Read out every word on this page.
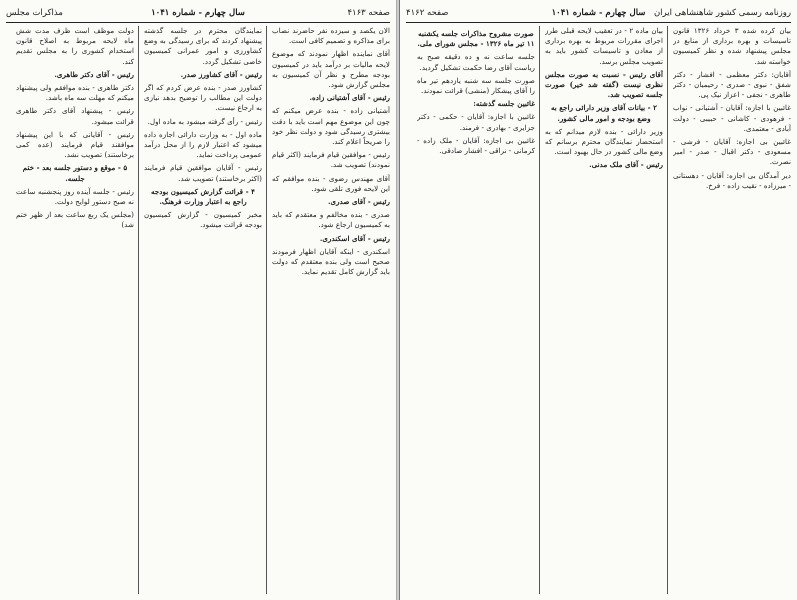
صفحه ۴۱۶۳
سال چهارم - شماره ۱۰۴۱
مذاکرات مجلس

الان یکصد و سیزده نفر حاضرند نصاب برای مذاکره و تصمیم کافی است.

آقای نماینده اظهار نمودند که موضوع لایحه مالیات بر درآمد باید در کمیسیون بودجه مطرح و نظر آن کمیسیون به مجلس گزارش شود.

رئیس - آقای آشتیانی زاده.

آشتیانی زاده - بنده عرض میکنم که چون این موضوع مهم است باید با دقت بیشتری رسیدگی شود و دولت نظر خود را صریحاً اعلام کند.

رئیس - موافقین قیام فرمایند (اکثر قیام نمودند) تصویب شد.

آقای مهندس رضوی - بنده موافقم که این لایحه فوری تلقی شود.

رئیس - آقای صدری.

صدری - بنده مخالفم و معتقدم که باید به کمیسیون ارجاع شود.

رئیس - آقای اسکندری.

اسکندری - اینکه آقایان اظهار فرمودند صحیح است ولی بنده معتقدم که دولت باید گزارش کامل تقدیم نماید.

نمایندگان محترم در جلسه گذشته پیشنهاد کردند که برای رسیدگی به وضع کشاورزی و امور عمرانی کمیسیون خاصی تشکیل گردد.

رئیس - آقای کشاورز صدر.

کشاورز صدر - بنده عرض کردم که اگر دولت این مطالب را توضیح بدهد نیازی به ارجاع نیست.

رئیس - رأی گرفته میشود به ماده اول.

ماده اول - به وزارت دارائی اجازه داده میشود که اعتبار لازم را از محل درآمد عمومی پرداخت نماید.

رئیس - آقایان موافقین قیام فرمایند (اکثر برخاستند) تصویب شد.

۴ - قرائت گزارش کمیسیون بودجه راجع به اعتبار وزارت فرهنگ.

مخبر کمیسیون - گزارش کمیسیون بودجه قرائت میشود.

دولت موظف است ظرف مدت شش ماه لایحه مربوط به اصلاح قانون استخدام کشوری را به مجلس تقدیم کند.

رئیس - آقای دکتر طاهری.

دکتر طاهری - بنده موافقم ولی پیشنهاد میکنم که مهلت سه ماه باشد.

رئیس - پیشنهاد آقای دکتر طاهری قرائت میشود.

رئیس - آقایانی که با این پیشنهاد موافقند قیام فرمایند (عده کمی برخاستند) تصویب نشد.

۵ - موقع و دستور جلسه بعد - ختم جلسه.

رئیس - جلسه آینده روز پنجشنبه ساعت نه صبح دستور لوایح دولت.

(مجلس یک ربع ساعت بعد از ظهر ختم شد)

روزنامه رسمی کشور شاهنشاهی ایران
سال چهارم - شماره ۱۰۴۱
صفحه ۴۱۶۲

بیان کرده شده ۳ خرداد ۱۳۲۶ قانون تاسیسات و بهره برداری از منابع در مجلس پیشنهاد شده و نظر کمیسیون خواسته شد.

آقایان: دکتر معظمی - افشار - دکتر شفق - نبوی - صدری - رحیمیان - دکتر طاهری - نجفی - اعزاز نیک پی.

غائبین با اجازه: آقایان - آشتیانی - نواب - فرهودی - کاشانی - حبیبی - دولت آبادی - معتمدی.

غائبین بی اجازه: آقایان - فرشی - مسعودی - دکتر اقبال - صدر - امیر نصرت.

دیر آمدگان بی اجازه: آقایان - دهستانی - میرزاده - نقیب زاده - فرخ.

بیان ماده ۲ - در تعقیب لایحه قبلی طرز اجرای مقررات مربوط به بهره برداری از معادن و تاسیسات کشور باید به تصویب مجلس برسد.

آقای رئیس - نسبت به صورت مجلس نظری نیست (گفته شد خیر) صورت جلسه تصویب شد.

۲ - بیانات آقای وزیر دارائی راجع به وضع بودجه و امور مالی کشور.

وزیر دارائی - بنده لازم میدانم که به استحضار نمایندگان محترم برسانم که وضع مالی کشور در حال بهبود است.

رئیس - آقای ملک مدنی.

صورت مشروح مذاکرات جلسه یکشنبه ۱۱ تیر ماه ۱۳۲۶ - مجلس شورای ملی.

جلسه ساعت نه و ده دقیقه صبح به ریاست آقای رضا حکمت تشکیل گردید.

صورت جلسه سه شنبه یازدهم تیر ماه را آقای پیشکار (منشی) قرائت نمودند.

غائبین جلسه گذشته:

غائبین با اجازه: آقایان - حکمی - دکتر جزایری - بهادری - فرمند.

غائبین بی اجازه: آقایان - ملک زاده - کرمانی - نراقی - افشار صادقی.
